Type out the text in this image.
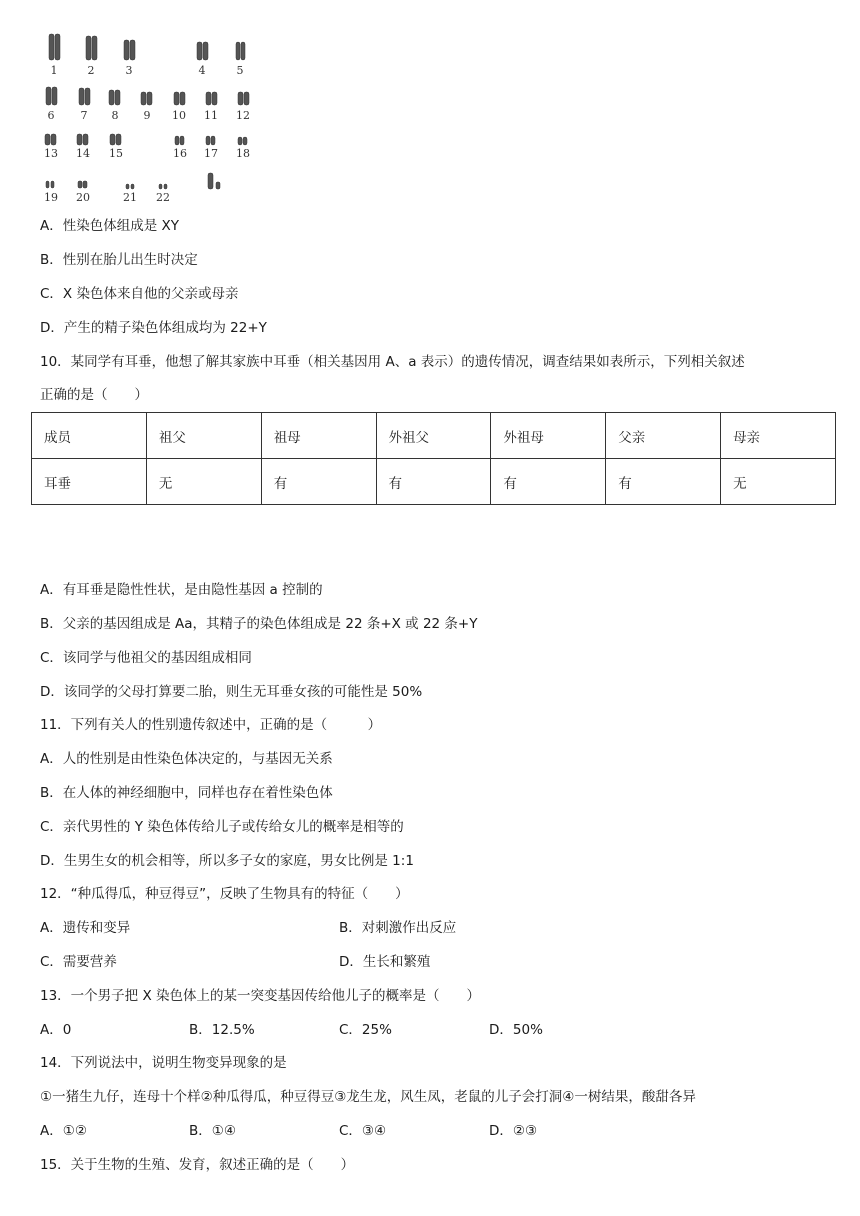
1	2	3	4	5
6 7 8 9 10 11 12
13 14 15	16 17 18
19 20	21 22
A．性染色体组成是 XY
B．性别在胎儿出生时决定
C．X 染色体来自他的父亲或母亲
D．产生的精子染色体组成均为 22+Y
10．某同学有耳垂，他想了解其家族中耳垂（相关基因用 A、a 表示）的遗传情况，调查结果如表所示，下列相关叙述
正确的是（　　）
成员	祖父	祖母	外祖父	外祖母	父亲	母亲
耳垂	无	有	有	有	有	无
A．有耳垂是隐性性状，是由隐性基因 a 控制的
B．父亲的基因组成是 Aa，其精子的染色体组成是 22 条+X 或 22 条+Y
C．该同学与他祖父的基因组成相同
D．该同学的父母打算要二胎，则生无耳垂女孩的可能性是 50%
11．下列有关人的性别遗传叙述中，正确的是（　　　）
A．人的性别是由性染色体决定的，与基因无关系
B．在人体的神经细胞中，同样也存在着性染色体
C．亲代男性的 Y 染色体传给儿子或传给女儿的概率是相等的
D．生男生女的机会相等，所以多子女的家庭，男女比例是 1:1
12．“种瓜得瓜，种豆得豆”，反映了生物具有的特征（　　）
A．遗传和变异	B．对刺激作出反应
C．需要营养	D．生长和繁殖
13．一个男子把 X 染色体上的某一突变基因传给他儿子的概率是（　　）
A．0	B．12.5%	C．25%	D．50%
14．下列说法中，说明生物变异现象的是
①一猪生九仔，连母十个样②种瓜得瓜，种豆得豆③龙生龙，风生凤，老鼠的儿子会打洞④一树结果，酸甜各异
A．①②	B．①④	C．③④	D．②③
15．关于生物的生殖、发育，叙述正确的是（　　）
